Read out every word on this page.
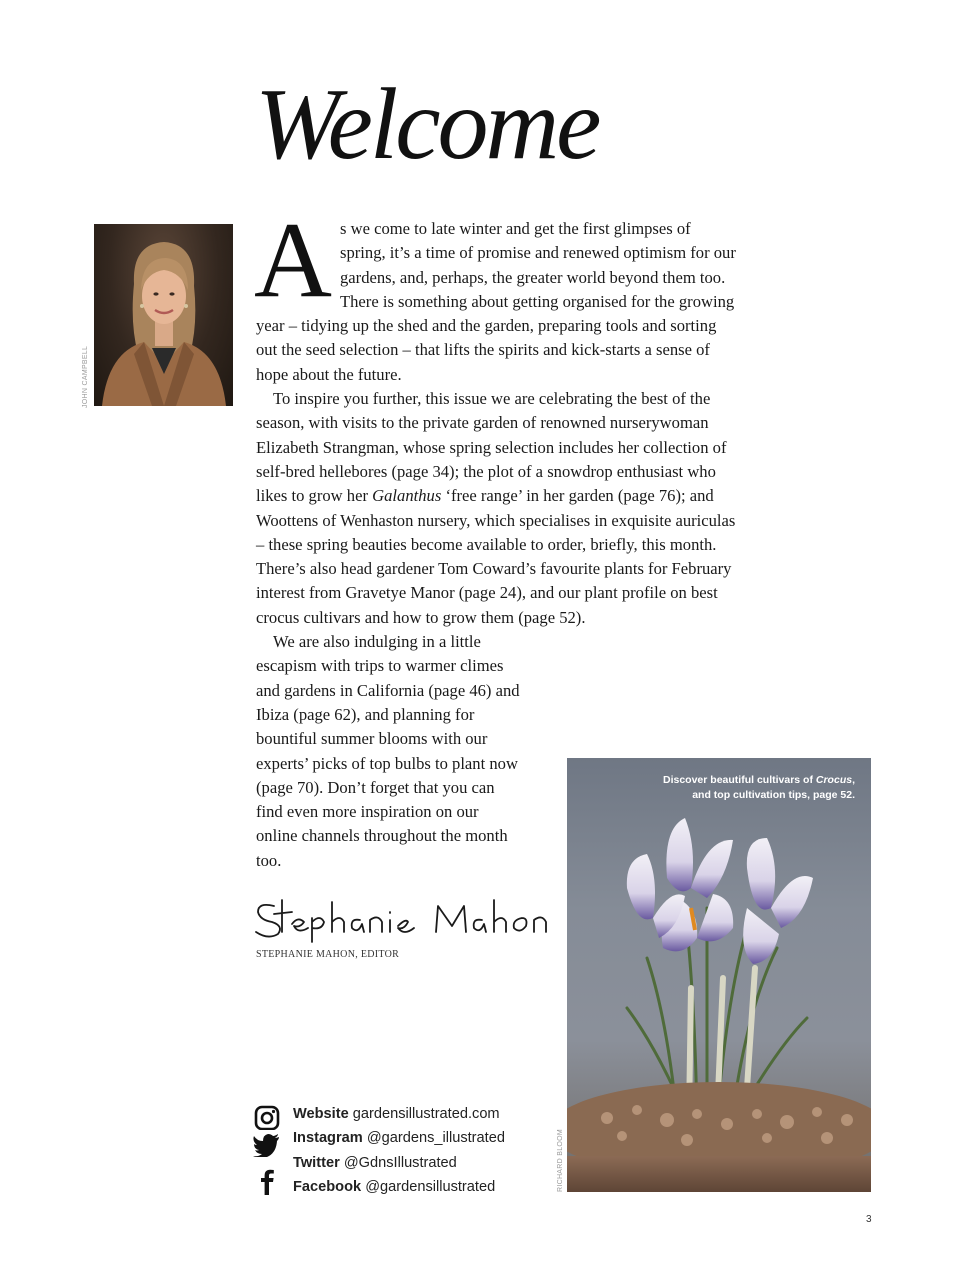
Welcome
JOHN CAMPBELL

As we come to late winter and get the first glimpses of spring, it’s a time of promise and renewed optimism for our gardens, and, perhaps, the greater world beyond them too. There is something about getting organised for the growing year – tidying up the shed and the garden, preparing tools and sorting out the seed selection – that lifts the spirits and kick-starts a sense of hope about the future.

To inspire you further, this issue we are celebrating the best of the season, with visits to the private garden of renowned nurserywoman Elizabeth Strangman, whose spring selection includes her collection of self-bred hellebores (page 34); the plot of a snowdrop enthusiast who likes to grow her Galanthus ‘free range’ in her garden (page 76); and Woottens of Wenhaston nursery, which specialises in exquisite auriculas – these spring beauties become available to order, briefly, this month. There’s also head gardener Tom Coward’s favourite plants for February interest from Gravetye Manor (page 24), and our plant profile on best crocus cultivars and how to grow them (page 52).

We are also indulging in a little escapism with trips to warmer climes and gardens in California (page 46) and Ibiza (page 62), and planning for bountiful summer blooms with our experts’ picks of top bulbs to plant now (page 70). Don’t forget that you can find even more inspiration on our online channels throughout the month too.

STEPHANIE MAHON, EDITOR
Discover beautiful cultivars of Crocus,
and top cultivation tips, page 52.
RICHARD BLOOM
Website gardensillustrated.com
Instagram @gardens_illustrated
Twitter @GdnsIllustrated
Facebook @gardensillustrated
3
